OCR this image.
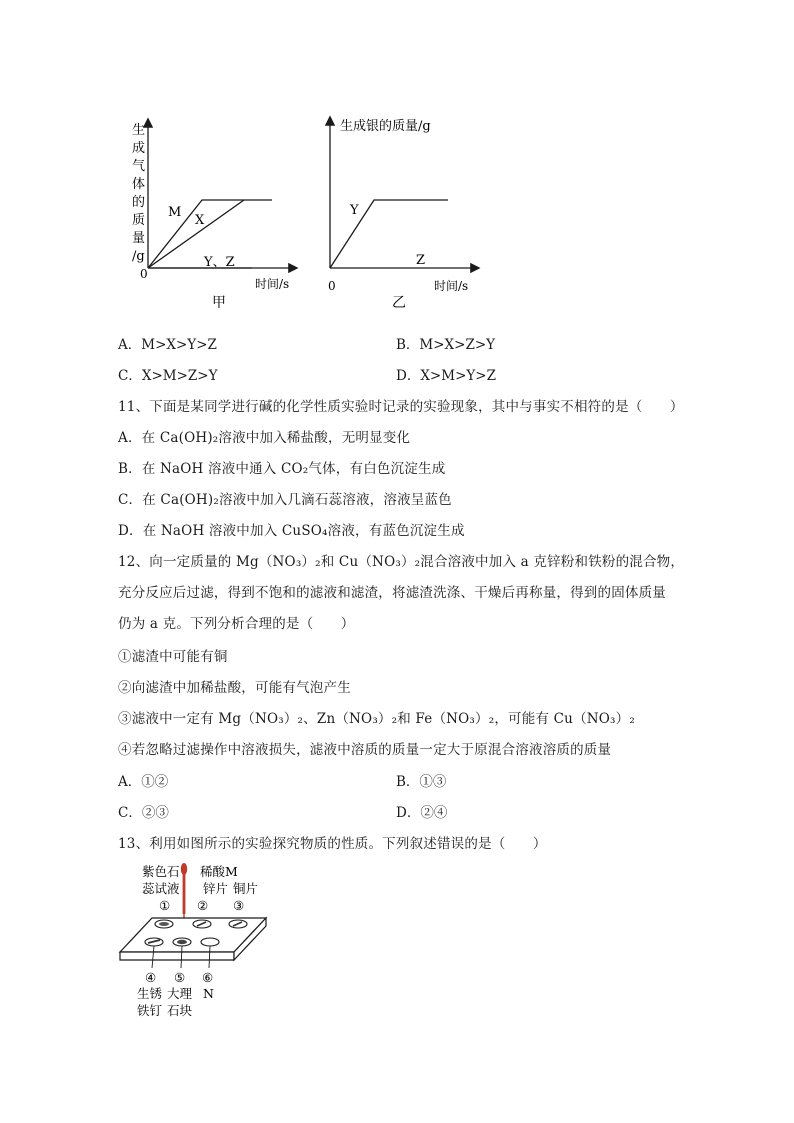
生
成
气
体
的
质
量
/g
0
时间/s
M
X
Y、Z
甲
生成银的质量/g
0	时间/s
Y
Z
乙
A．M>X>Y>Z	B．M>X>Z>Y
C．X>M>Z>Y	D．X>M>Y>Z
11、下面是某同学进行碱的化学性质实验时记录的实验现象，其中与事实不相符的是（　　）
A．在 Ca(OH)₂溶液中加入稀盐酸，无明显变化
B．在 NaOH 溶液中通入 CO₂气体，有白色沉淀生成
C．在 Ca(OH)₂溶液中加入几滴石蕊溶液，溶液呈蓝色
D．在 NaOH 溶液中加入 CuSO₄溶液，有蓝色沉淀生成
12、向一定质量的 Mg（NO₃）₂和 Cu（NO₃）₂混合溶液中加入 a 克锌粉和铁粉的混合物，
充分反应后过滤，得到不饱和的滤液和滤渣，将滤渣洗涤、干燥后再称量，得到的固体质量
仍为 a 克。下列分析合理的是（　　）
①滤渣中可能有铜
②向滤渣中加稀盐酸，可能有气泡产生
③滤液中一定有 Mg（NO₃）₂、Zn（NO₃）₂和 Fe（NO₃）₂，可能有 Cu（NO₃）₂
④若忽略过滤操作中溶液损失，滤液中溶质的质量一定大于原混合溶液溶质的质量
A．①②	B．①③
C．②③	D．②④
13、利用如图所示的实验探究物质的性质。下列叙述错误的是（　　）
紫色石
蕊试液
稀酸M
锌片 铜片
① ② ③
④ ⑤ ⑥
生锈
铁钉
大理
石块
N
